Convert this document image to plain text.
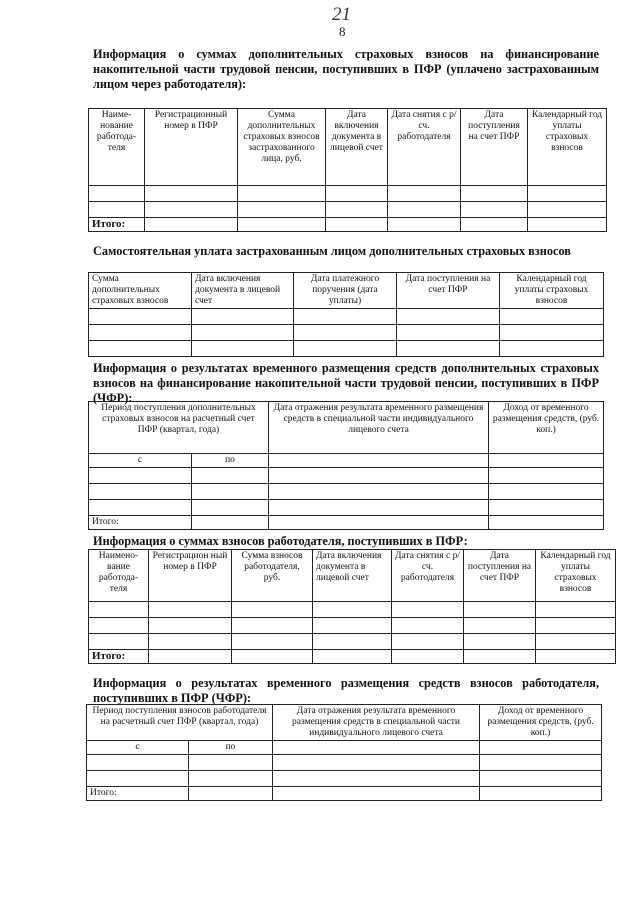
21
8
Информация о суммах дополнительных страховых взносов на финансирование накопительной части трудовой пенсии, поступивших в ПФР (уплачено застрахованным лицом через работодателя):
Наиме-нование работода-теля	Регистрационный номер в ПФР	Сумма дополнительных страховых взносов застрахованного лица, руб.	Дата включения документа в лицевой счет	Дата снятия с р/сч. работодателя	Дата поступления на счет ПФР	Календарный год уплаты страховых взносов

Итого:						
Самостоятельная уплата застрахованным лицом дополнительных страховых взносов
Сумма дополнительных страховых взносов	Дата включения документа в лицевой счет	Дата платежного поручения (дата уплаты)	Дата поступления на счет ПФР	Календарный год уплаты страховых взносов

Информация о результатах временного размещения средств дополнительных страховых взносов на финансирование накопительной части трудовой пенсии, поступивших в ПФР (ЧФР):
Период поступления дополнительных страховых взносов на расчетный счет ПФР (квартал, года)		Дата отражения результата временного размещения средств в специальной части индивидуального лицевого счета	Доход от временного размещения средств, (руб. коп.)
с	по		

Итого:			
Информация о суммах взносов работодателя, поступивших в ПФР:
Наимено-вание работода-теля	Регистрацион ный номер в ПФР	Сумма взносов работодателя, руб.	Дата включения документа в лицевой счет	Дата снятия с р/сч. работодателя	Дата поступления на счет ПФР	Календарный год уплаты страховых взносов

Итого:						
Информация о результатах временного размещения средств взносов работодателя, поступивших в ПФР (ЧФР):
Период поступления взносов работодателя на расчетный счет ПФР (квартал, года)		Дата отражения результата временного размещения средств в специальной части индивидуального лицевого счета	Доход от временного размещения средств, (руб. коп.)
с	по		

Итого:			
